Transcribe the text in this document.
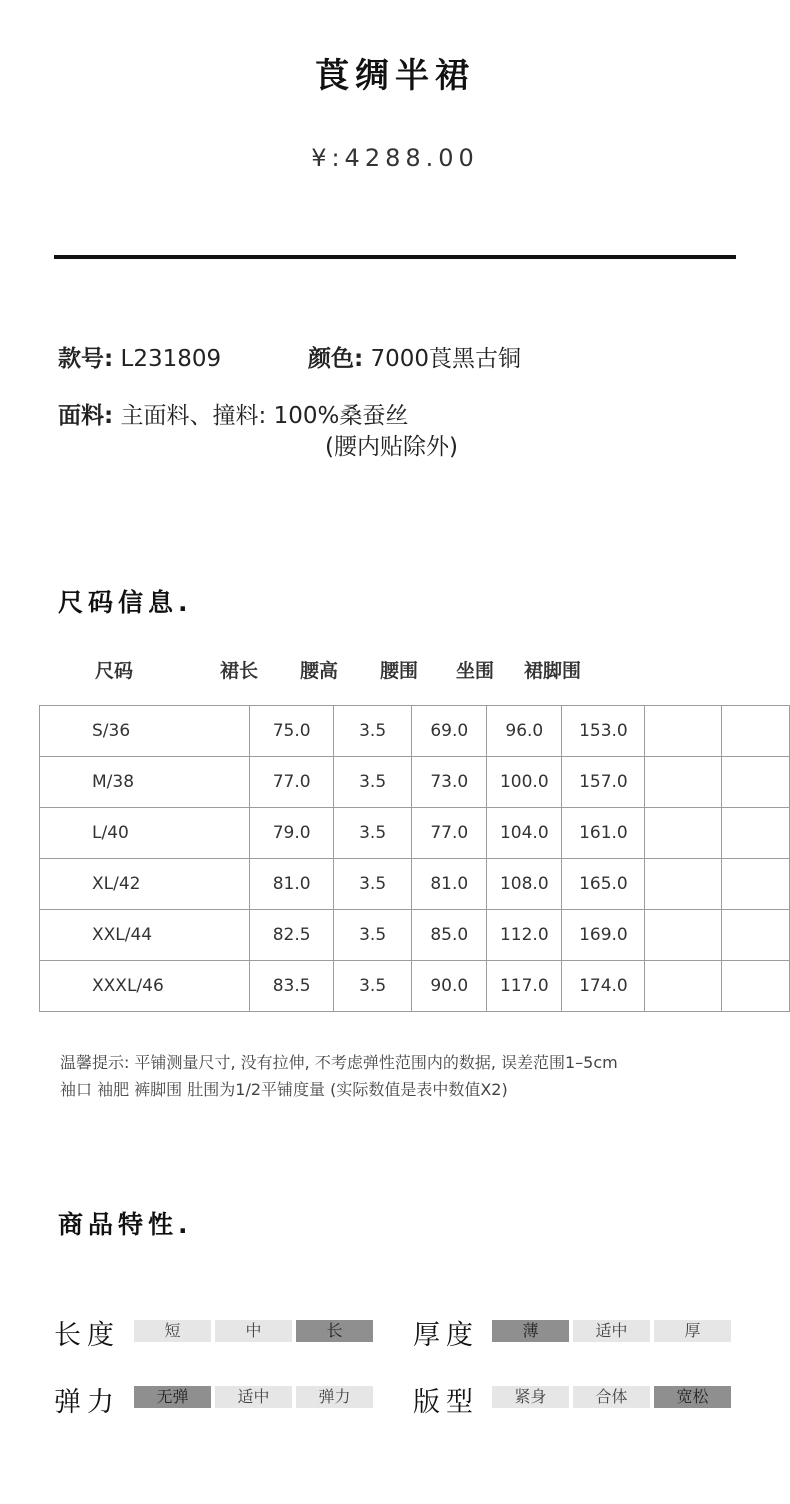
莨绸半裙
¥:4288.00
款号: L231809	颜色: 7000莨黑古铜
面料: 主面料、撞料: 100%桑蚕丝
(腰内贴除外)
尺码信息.
尺码	裙长 腰高 腰围 坐围 裙脚围
S/36	75.0	3.5	69.0	96.0	153.0		
M/38	77.0	3.5	73.0	100.0	157.0		
L/40	79.0	3.5	77.0	104.0	161.0		
XL/42	81.0	3.5	81.0	108.0	165.0		
XXL/44	82.5	3.5	85.0	112.0	169.0		
XXXL/46	83.5	3.5	90.0	117.0	174.0		
温馨提示: 平铺测量尺寸, 没有拉伸, 不考虑弹性范围内的数据, 误差范围1–5cm
袖口 袖肥 裤脚围 肚围为1/2平铺度量 (实际数值是表中数值X2)
商品特性.
长度	短	中	长	厚度	薄	适中	厚
弹力	无弹	适中	弹力	版型	紧身	合体	宽松
